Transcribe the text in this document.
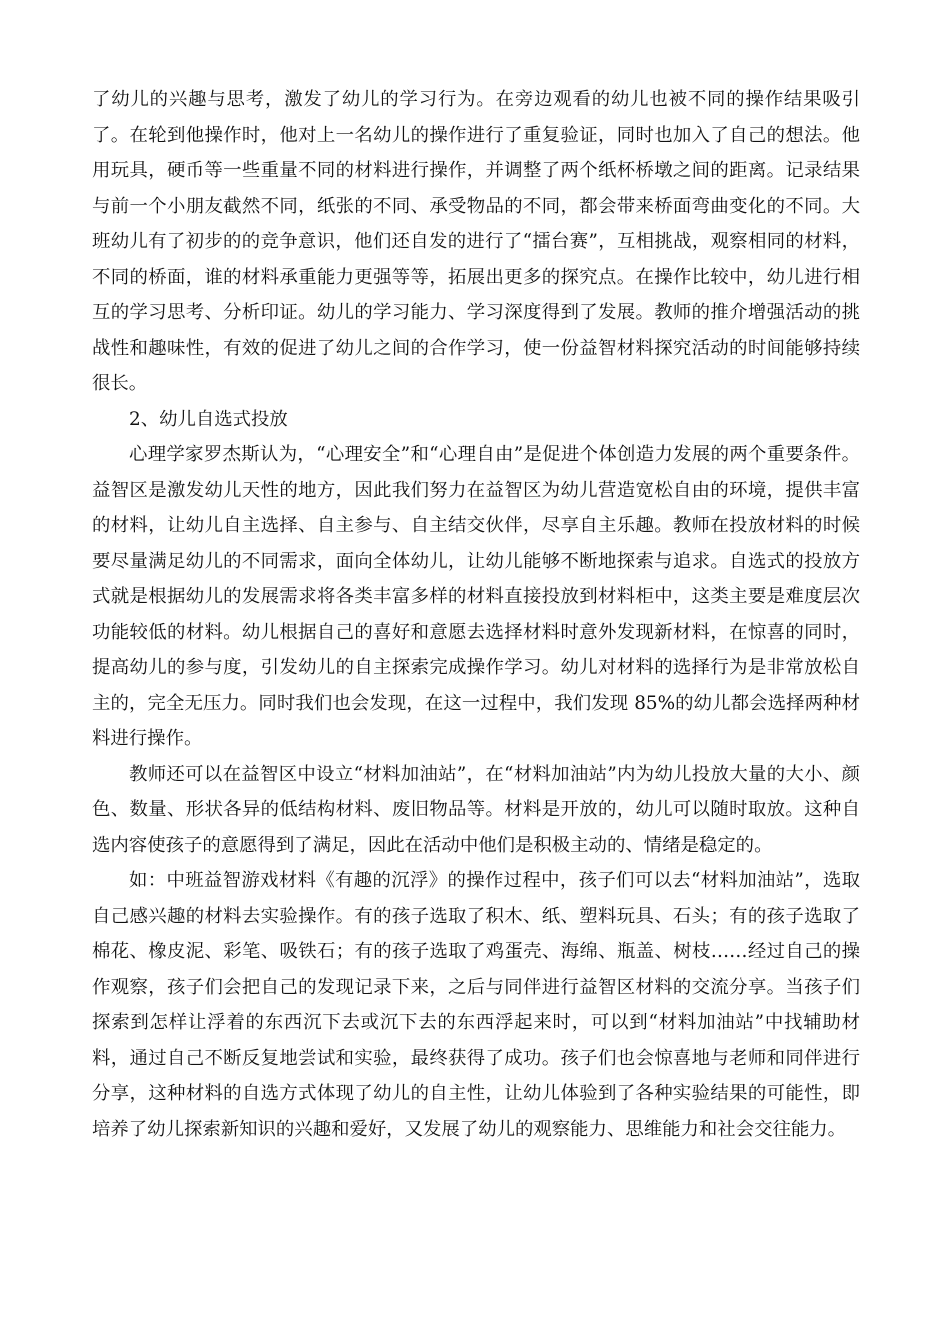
了幼儿的兴趣与思考，激发了幼儿的学习行为。在旁边观看的幼儿也被不同的操作结果吸引了。在轮到他操作时，他对上一名幼儿的操作进行了重复验证，同时也加入了自己的想法。他用玩具，硬币等一些重量不同的材料进行操作，并调整了两个纸杯桥墩之间的距离。记录结果与前一个小朋友截然不同，纸张的不同、承受物品的不同，都会带来桥面弯曲变化的不同。大班幼儿有了初步的的竞争意识，他们还自发的进行了“擂台赛”，互相挑战，观察相同的材料，不同的桥面，谁的材料承重能力更强等等，拓展出更多的探究点。在操作比较中，幼儿进行相互的学习思考、分析印证。幼儿的学习能力、学习深度得到了发展。教师的推介增强活动的挑战性和趣味性，有效的促进了幼儿之间的合作学习，使一份益智材料探究活动的时间能够持续很长。

2、幼儿自选式投放

心理学家罗杰斯认为，“心理安全”和“心理自由”是促进个体创造力发展的两个重要条件。益智区是激发幼儿天性的地方，因此我们努力在益智区为幼儿营造宽松自由的环境，提供丰富的材料，让幼儿自主选择、自主参与、自主结交伙伴，尽享自主乐趣。教师在投放材料的时候要尽量满足幼儿的不同需求，面向全体幼儿，让幼儿能够不断地探索与追求。自选式的投放方式就是根据幼儿的发展需求将各类丰富多样的材料直接投放到材料柜中，这类主要是难度层次功能较低的材料。幼儿根据自己的喜好和意愿去选择材料时意外发现新材料，在惊喜的同时，提高幼儿的参与度，引发幼儿的自主探索完成操作学习。幼儿对材料的选择行为是非常放松自主的，完全无压力。同时我们也会发现，在这一过程中，我们发现 85%的幼儿都会选择两种材料进行操作。

教师还可以在益智区中设立“材料加油站”，在“材料加油站”内为幼儿投放大量的大小、颜色、数量、形状各异的低结构材料、废旧物品等。材料是开放的，幼儿可以随时取放。这种自选内容使孩子的意愿得到了满足，因此在活动中他们是积极主动的、情绪是稳定的。

如：中班益智游戏材料《有趣的沉浮》的操作过程中，孩子们可以去“材料加油站”，选取自己感兴趣的材料去实验操作。有的孩子选取了积木、纸、塑料玩具、石头；有的孩子选取了棉花、橡皮泥、彩笔、吸铁石；有的孩子选取了鸡蛋壳、海绵、瓶盖、树枝……经过自己的操作观察，孩子们会把自己的发现记录下来，之后与同伴进行益智区材料的交流分享。当孩子们探索到怎样让浮着的东西沉下去或沉下去的东西浮起来时，可以到“材料加油站”中找辅助材料，通过自己不断反复地尝试和实验，最终获得了成功。孩子们也会惊喜地与老师和同伴进行分享，这种材料的自选方式体现了幼儿的自主性，让幼儿体验到了各种实验结果的可能性，即培养了幼儿探索新知识的兴趣和爱好，又发展了幼儿的观察能力、思维能力和社会交往能力。
